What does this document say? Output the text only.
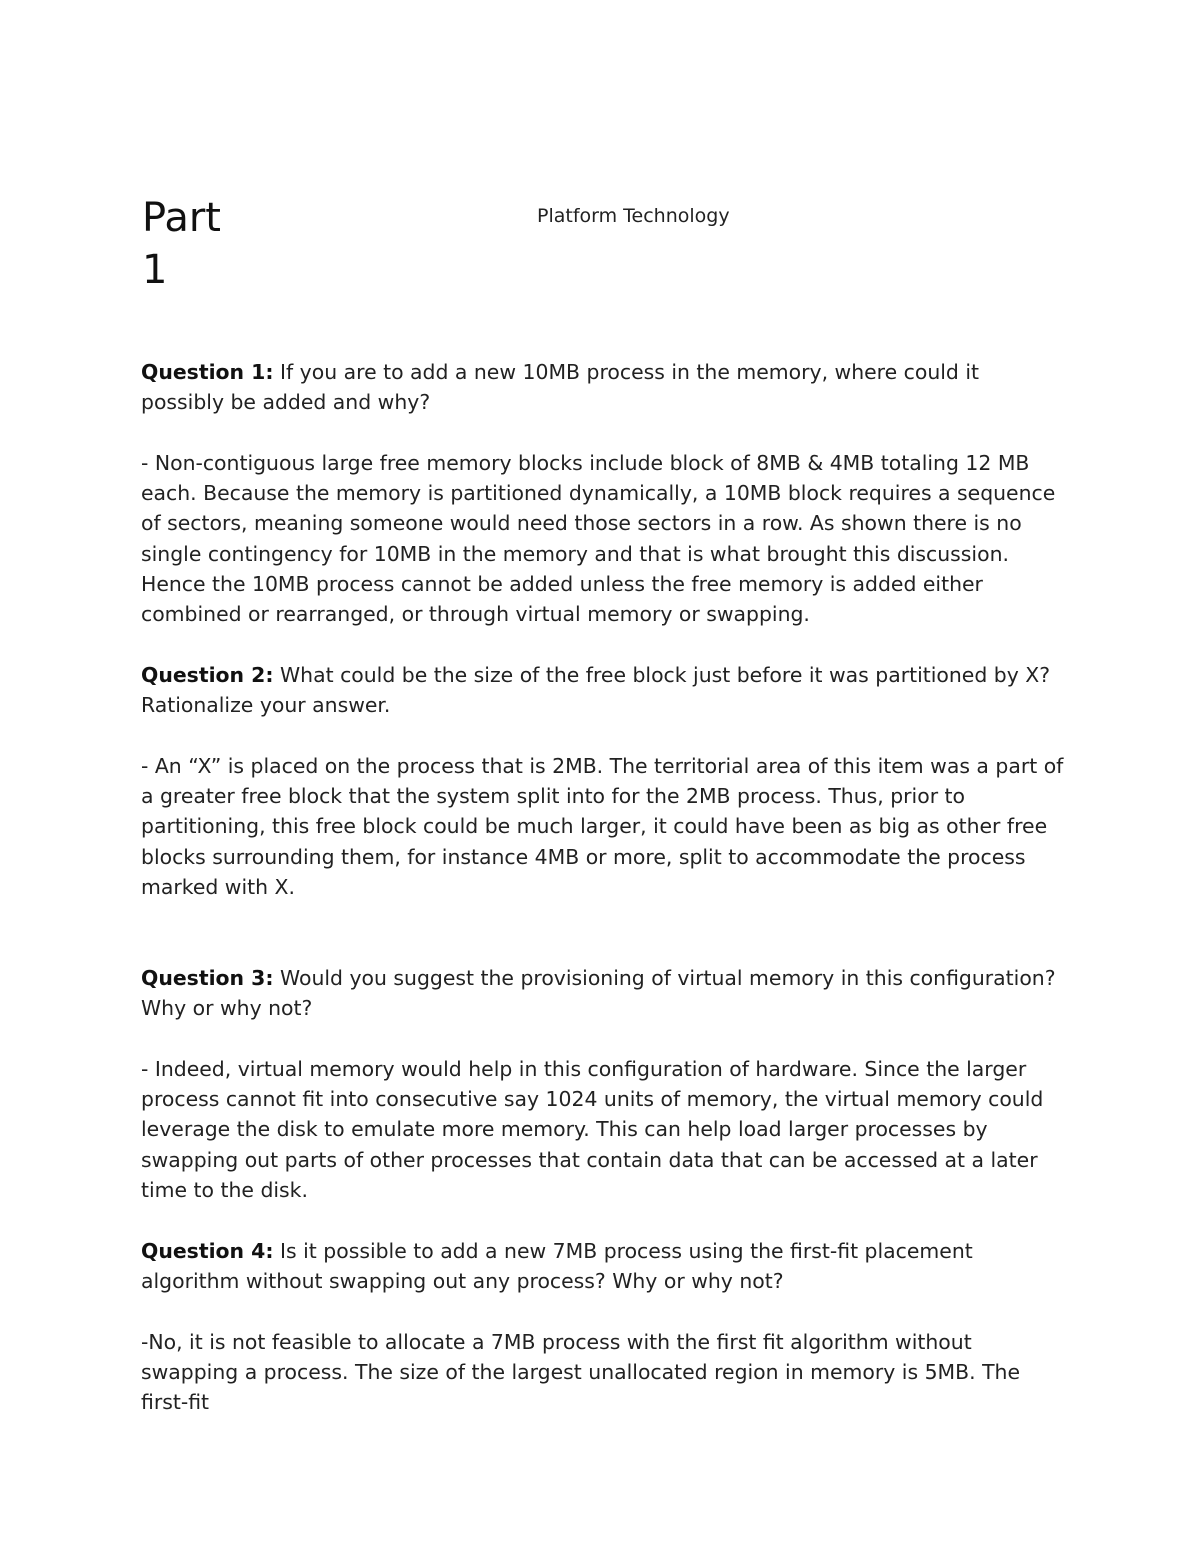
Part
1
Platform Technology

Question 1: If you are to add a new 10MB process in the memory, where could it possibly be added and why?

- Non-contiguous large free memory blocks include block of 8MB & 4MB totaling 12 MB each. Because the memory is partitioned dynamically, a 10MB block requires a sequence of sectors, meaning someone would need those sectors in a row. As shown there is no single contingency for 10MB in the memory and that is what brought this discussion. Hence the 10MB process cannot be added unless the free memory is added either combined or rearranged, or through virtual memory or swapping.

Question 2: What could be the size of the free block just before it was partitioned by X? Rationalize your answer.

- An “X” is placed on the process that is 2MB. The territorial area of this item was a part of a greater free block that the system split into for the 2MB process. Thus, prior to partitioning, this free block could be much larger, it could have been as big as other free blocks surrounding them, for instance 4MB or more, split to accommodate the process marked with X.

Question 3: Would you suggest the provisioning of virtual memory in this configuration? Why or why not?

- Indeed, virtual memory would help in this configuration of hardware. Since the larger process cannot fit into consecutive say 1024 units of memory, the virtual memory could leverage the disk to emulate more memory. This can help load larger processes by swapping out parts of other processes that contain data that can be accessed at a later time to the disk.

Question 4: Is it possible to add a new 7MB process using the first-fit placement algorithm without swapping out any process? Why or why not?

-No, it is not feasible to allocate a 7MB process with the first fit algorithm without swapping a process. The size of the largest unallocated region in memory is 5MB. The first-fit
